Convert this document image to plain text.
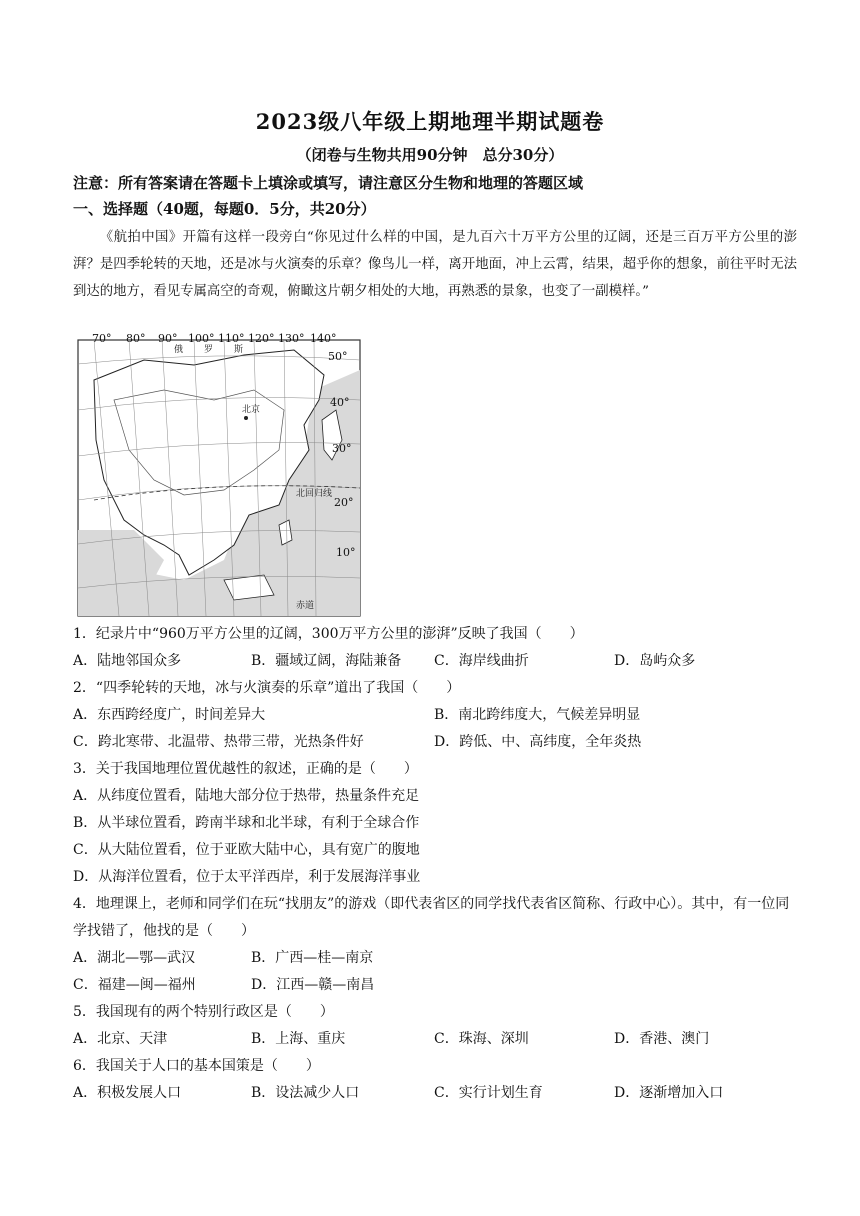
2023级八年级上期地理半期试题卷
（闭卷与生物共用90分钟　总分30分）
注意：所有答案请在答题卡上填涂或填写，请注意区分生物和地理的答题区域
一、选择题（40题，每题0．5分，共20分）
《航拍中国》开篇有这样一段旁白“你见过什么样的中国，是九百六十万平方公里的辽阔，还是三百万平方公里的澎湃？是四季轮转的天地，还是冰与火演奏的乐章？像鸟儿一样，离开地面，冲上云霄，结果，超乎你的想象，前往平时无法到达的地方，看见专属高空的奇观，俯瞰这片朝夕相处的大地，再熟悉的景象，也变了一副模样。”
70° 80° 90° 100° 110° 120° 130° 140°
50°
40°
30°
20°
10°
俄 罗 斯
北京
北回归线
赤道
1．纪录片中“960万平方公里的辽阔，300万平方公里的澎湃”反映了我国（　　）
A．陆地邻国众多	B．疆域辽阔，海陆兼备 C．海岸线曲折	D．岛屿众多
2．“四季轮转的天地，冰与火演奏的乐章”道出了我国（　　）
A．东西跨经度广，时间差异大	B．南北跨纬度大，气候差异明显
C．跨北寒带、北温带、热带三带，光热条件好	D．跨低、中、高纬度，全年炎热
3．关于我国地理位置优越性的叙述，正确的是（　　）
A．从纬度位置看，陆地大部分位于热带，热量条件充足
B．从半球位置看，跨南半球和北半球，有利于全球合作
C．从大陆位置看，位于亚欧大陆中心，具有宽广的腹地
D．从海洋位置看，位于太平洋西岸，利于发展海洋事业
4．地理课上，老师和同学们在玩“找朋友”的游戏（即代表省区的同学找代表省区简称、行政中心）。其中，有一位同学找错了，他找的是（　　）
A．湖北—鄂—武汉	B．广西—桂—南京
C．福建—闽—福州	D．江西—赣—南昌
5．我国现有的两个特别行政区是（　　）
A．北京、天津	B．上海、重庆	C．珠海、深圳	D．香港、澳门
6．我国关于人口的基本国策是（　　）
A．积极发展人口	B．设法减少人口	C．实行计划生育	D．逐渐增加入口
